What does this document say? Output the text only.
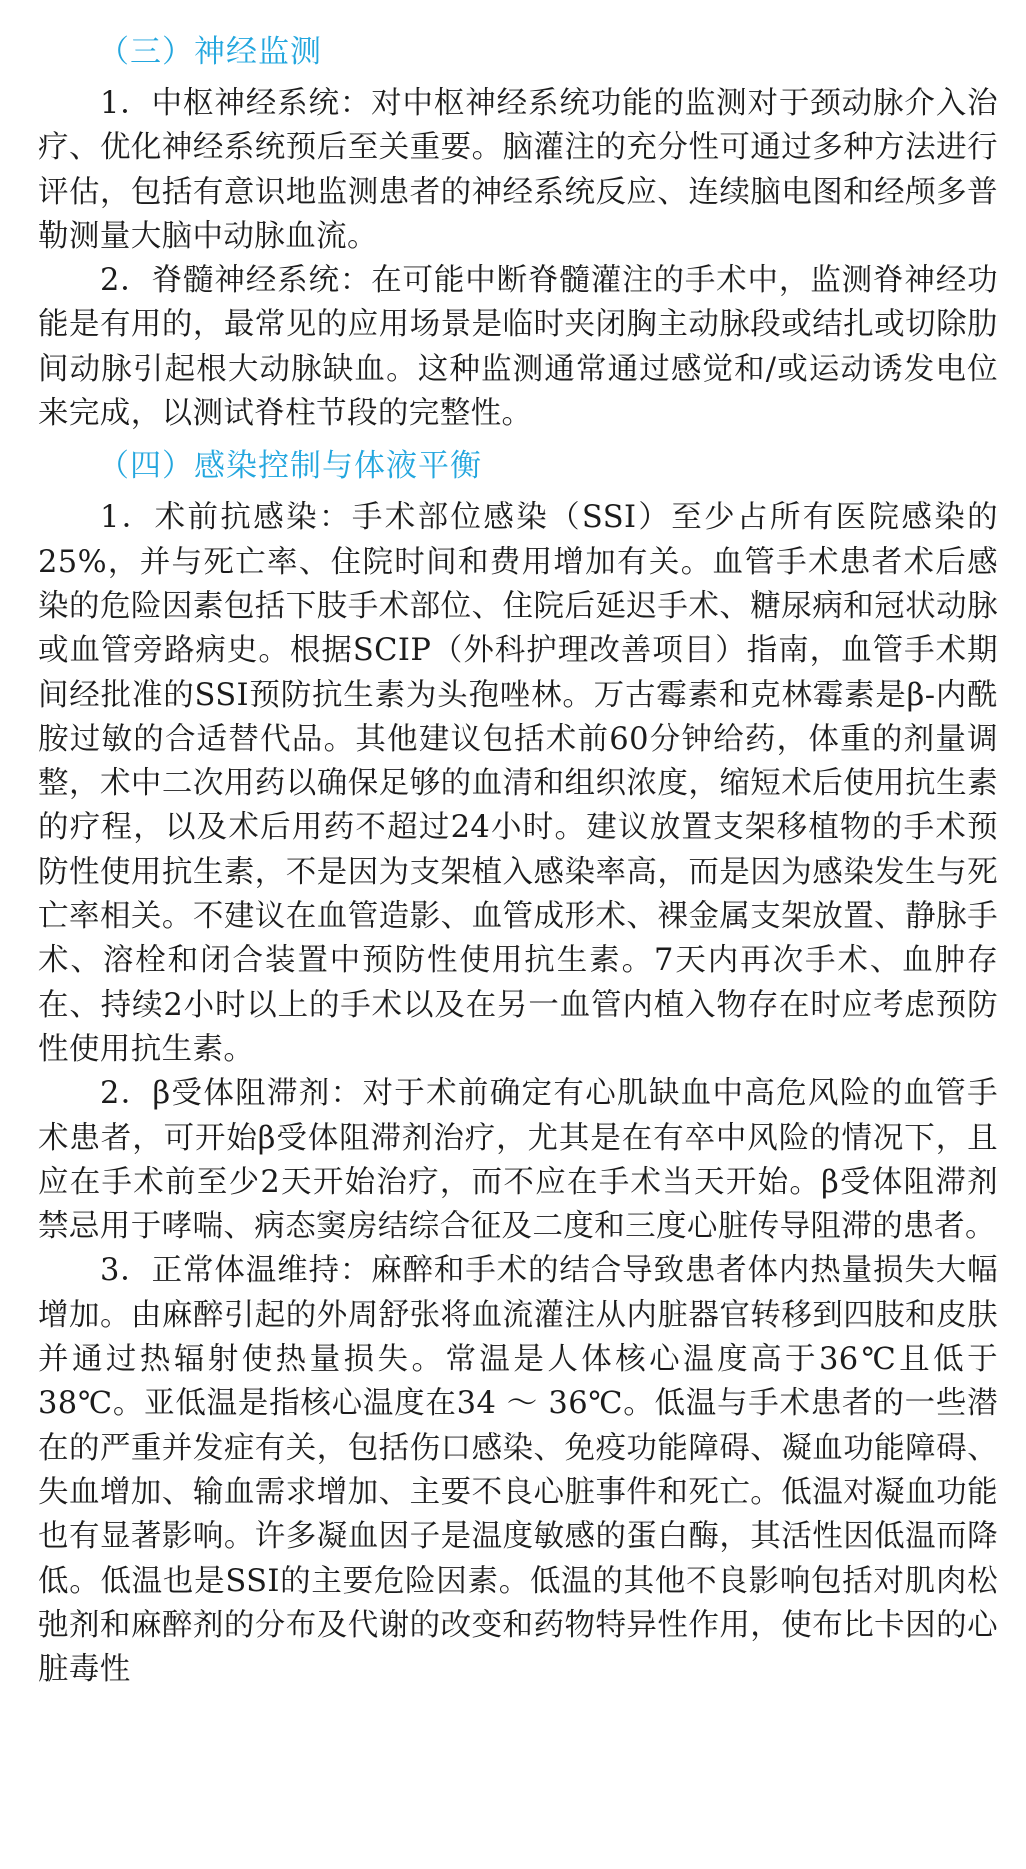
（三）神经监测

1．中枢神经系统：对中枢神经系统功能的监测对于颈动脉介入治疗、优化神经系统预后至关重要。脑灌注的充分性可通过多种方法进行评估，包括有意识地监测患者的神经系统反应、连续脑电图和经颅多普勒测量大脑中动脉血流。

2．脊髓神经系统：在可能中断脊髓灌注的手术中，监测脊神经功能是有用的，最常见的应用场景是临时夹闭胸主动脉段或结扎或切除肋间动脉引起根大动脉缺血。这种监测通常通过感觉和/或运动诱发电位来完成，以测试脊柱节段的完整性。

（四）感染控制与体液平衡

1．术前抗感染：手术部位感染（SSI）至少占所有医院感染的25%，并与死亡率、住院时间和费用增加有关。血管手术患者术后感染的危险因素包括下肢手术部位、住院后延迟手术、糖尿病和冠状动脉或血管旁路病史。根据SCIP（外科护理改善项目）指南，血管手术期间经批准的SSI预防抗生素为头孢唑林。万古霉素和克林霉素是β-内酰胺过敏的合适替代品。其他建议包括术前60分钟给药，体重的剂量调整，术中二次用药以确保足够的血清和组织浓度，缩短术后使用抗生素的疗程，以及术后用药不超过24小时。建议放置支架移植物的手术预防性使用抗生素，不是因为支架植入感染率高，而是因为感染发生与死亡率相关。不建议在血管造影、血管成形术、裸金属支架放置、静脉手术、溶栓和闭合装置中预防性使用抗生素。7天内再次手术、血肿存在、持续2小时以上的手术以及在另一血管内植入物存在时应考虑预防性使用抗生素。

2．β受体阻滞剂：对于术前确定有心肌缺血中高危风险的血管手术患者，可开始β受体阻滞剂治疗，尤其是在有卒中风险的情况下，且应在手术前至少2天开始治疗，而不应在手术当天开始。β受体阻滞剂禁忌用于哮喘、病态窦房结综合征及二度和三度心脏传导阻滞的患者。

3．正常体温维持：麻醉和手术的结合导致患者体内热量损失大幅增加。由麻醉引起的外周舒张将血流灌注从内脏器官转移到四肢和皮肤并通过热辐射使热量损失。常温是人体核心温度高于36℃且低于38℃。亚低温是指核心温度在34 ～ 36℃。低温与手术患者的一些潜在的严重并发症有关，包括伤口感染、免疫功能障碍、凝血功能障碍、失血增加、输血需求增加、主要不良心脏事件和死亡。低温对凝血功能也有显著影响。许多凝血因子是温度敏感的蛋白酶，其活性因低温而降低。低温也是SSI的主要危险因素。低温的其他不良影响包括对肌肉松弛剂和麻醉剂的分布及代谢的改变和药物特异性作用，使布比卡因的心脏毒性
